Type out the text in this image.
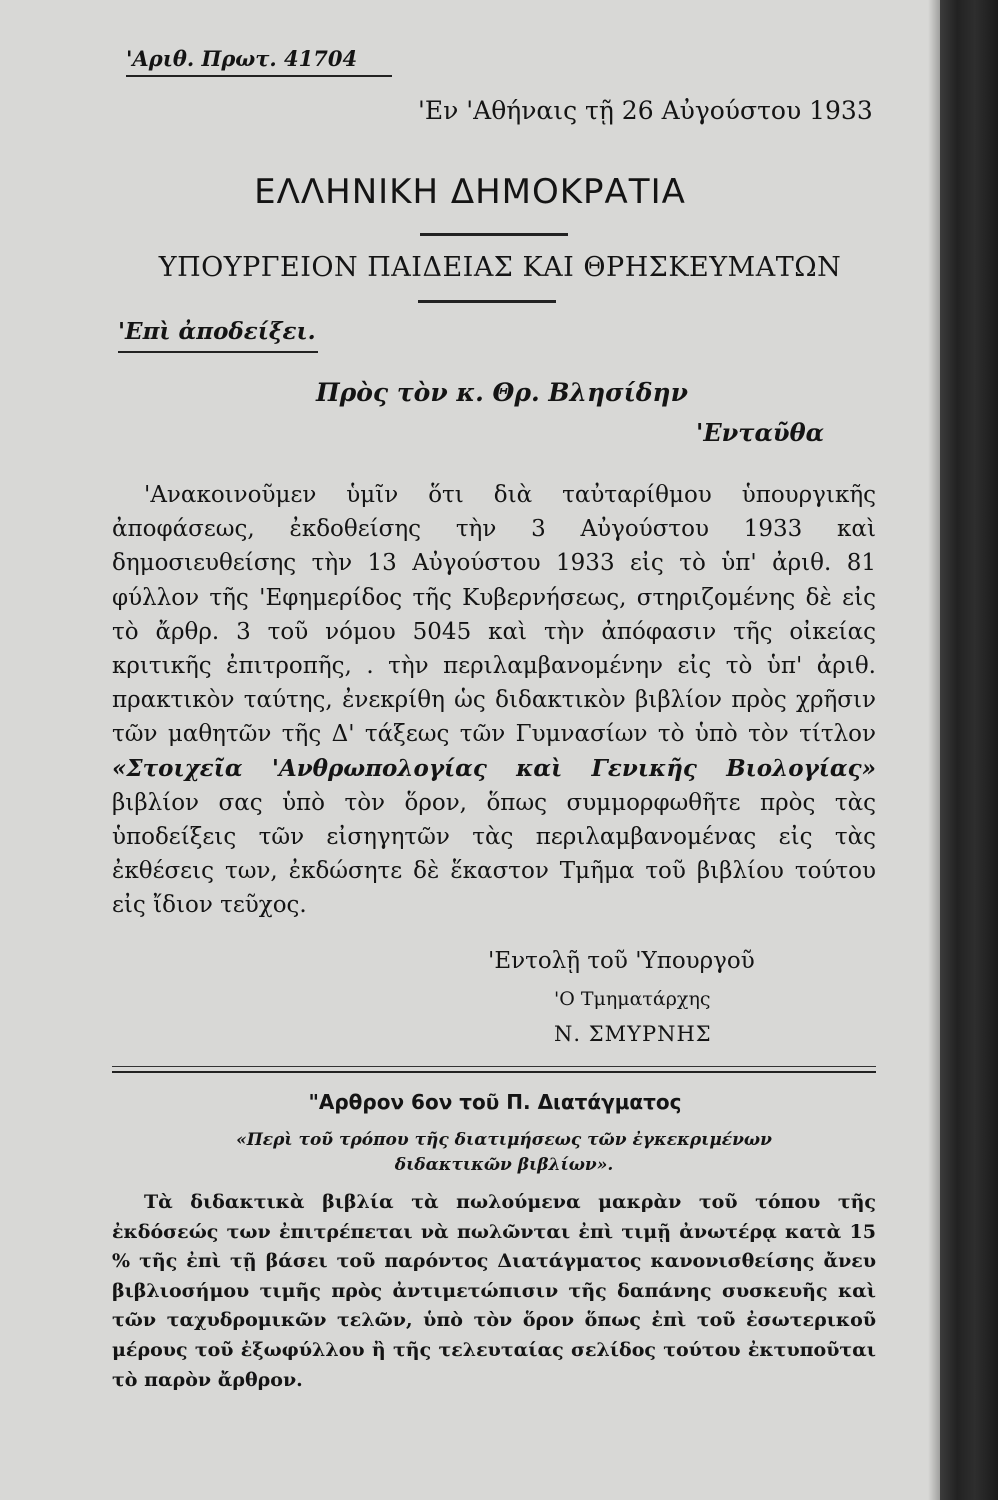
'Αριθ. Πρωτ. 41704
'Εν 'Αθήναις τῇ 26 Αὐγούστου 1933
ΕΛΛΗΝΙΚΗ ΔΗΜΟΚΡΑΤΙΑ
ΥΠΟΥΡΓΕΙΟΝ ΠΑΙΔΕΙΑΣ ΚΑΙ ΘΡΗΣΚΕΥΜΑΤΩΝ
'Επὶ ἀποδείξει.
Πρὸς τὸν κ. Θρ. Βλησίδην
'Ενταῦθα

'Ανακοινοῦμεν ὑμῖν ὅτι διὰ ταὐταρίθμου ὑπουργικῆς ἀποφάσεως, ἐκδοθείσης τὴν 3 Αὐγούστου 1933 καὶ δημοσιευθείσης τὴν 13 Αὐγούστου 1933 εἰς τὸ ὑπ' ἀριθ. 81 φύλλον τῆς 'Εφημερίδος τῆς Κυβερνήσεως, στηριζομένης δὲ εἰς τὸ ἄρθρ. 3 τοῦ νόμου 5045 καὶ τὴν ἀπόφασιν τῆς οἰκείας κριτικῆς ἐπιτροπῆς, . τὴν περιλαμβανομένην εἰς τὸ ὑπ' ἀριθ. πρακτικὸν ταύτης, ἐνεκρίθη ὡς διδακτικὸν βιβλίον πρὸς χρῆσιν τῶν μαθητῶν τῆς Δ' τάξεως τῶν Γυμνασίων τὸ ὑπὸ τὸν τίτλον «Στοιχεῖα 'Ανθρωπολογίας καὶ Γενικῆς Βιολογίας» βιβλίον σας ὑπὸ τὸν ὅρον, ὅπως συμμορφωθῆτε πρὸς τὰς ὑποδείξεις τῶν εἰσηγητῶν τὰς περιλαμβανομένας εἰς τὰς ἐκθέσεις των, ἐκδώσητε δὲ ἕκαστον Τμῆμα τοῦ βιβλίου τούτου εἰς ἴδιον τεῦχος.

'Εντολῇ τοῦ 'Υπουργοῦ
'Ο Τμηματάρχης
Ν. ΣΜΥΡΝΗΣ
"Αρθρον 6ον τοῦ Π. Διατάγματος
«Περὶ τοῦ τρόπου τῆς διατιμήσεως τῶν ἐγκεκριμένων διδακτικῶν βιβλίων».

Τὰ διδακτικὰ βιβλία τὰ πωλούμενα μακρὰν τοῦ τόπου τῆς ἐκδόσεώς των ἐπιτρέπεται νὰ πωλῶνται ἐπὶ τιμῇ ἀνωτέρᾳ κατὰ 15 % τῆς ἐπὶ τῇ βάσει τοῦ παρόντος Διατάγματος κανονισθείσης ἄνευ βιβλιοσήμου τιμῆς πρὸς ἀντιμετώπισιν τῆς δαπάνης συσκευῆς καὶ τῶν ταχυδρομικῶν τελῶν, ὑπὸ τὸν ὅρον ὅπως ἐπὶ τοῦ ἐσωτερικοῦ μέρους τοῦ ἐξωφύλλου ἢ τῆς τελευταίας σελίδος τούτου ἐκτυποῦται τὸ παρὸν ἄρθρον.
